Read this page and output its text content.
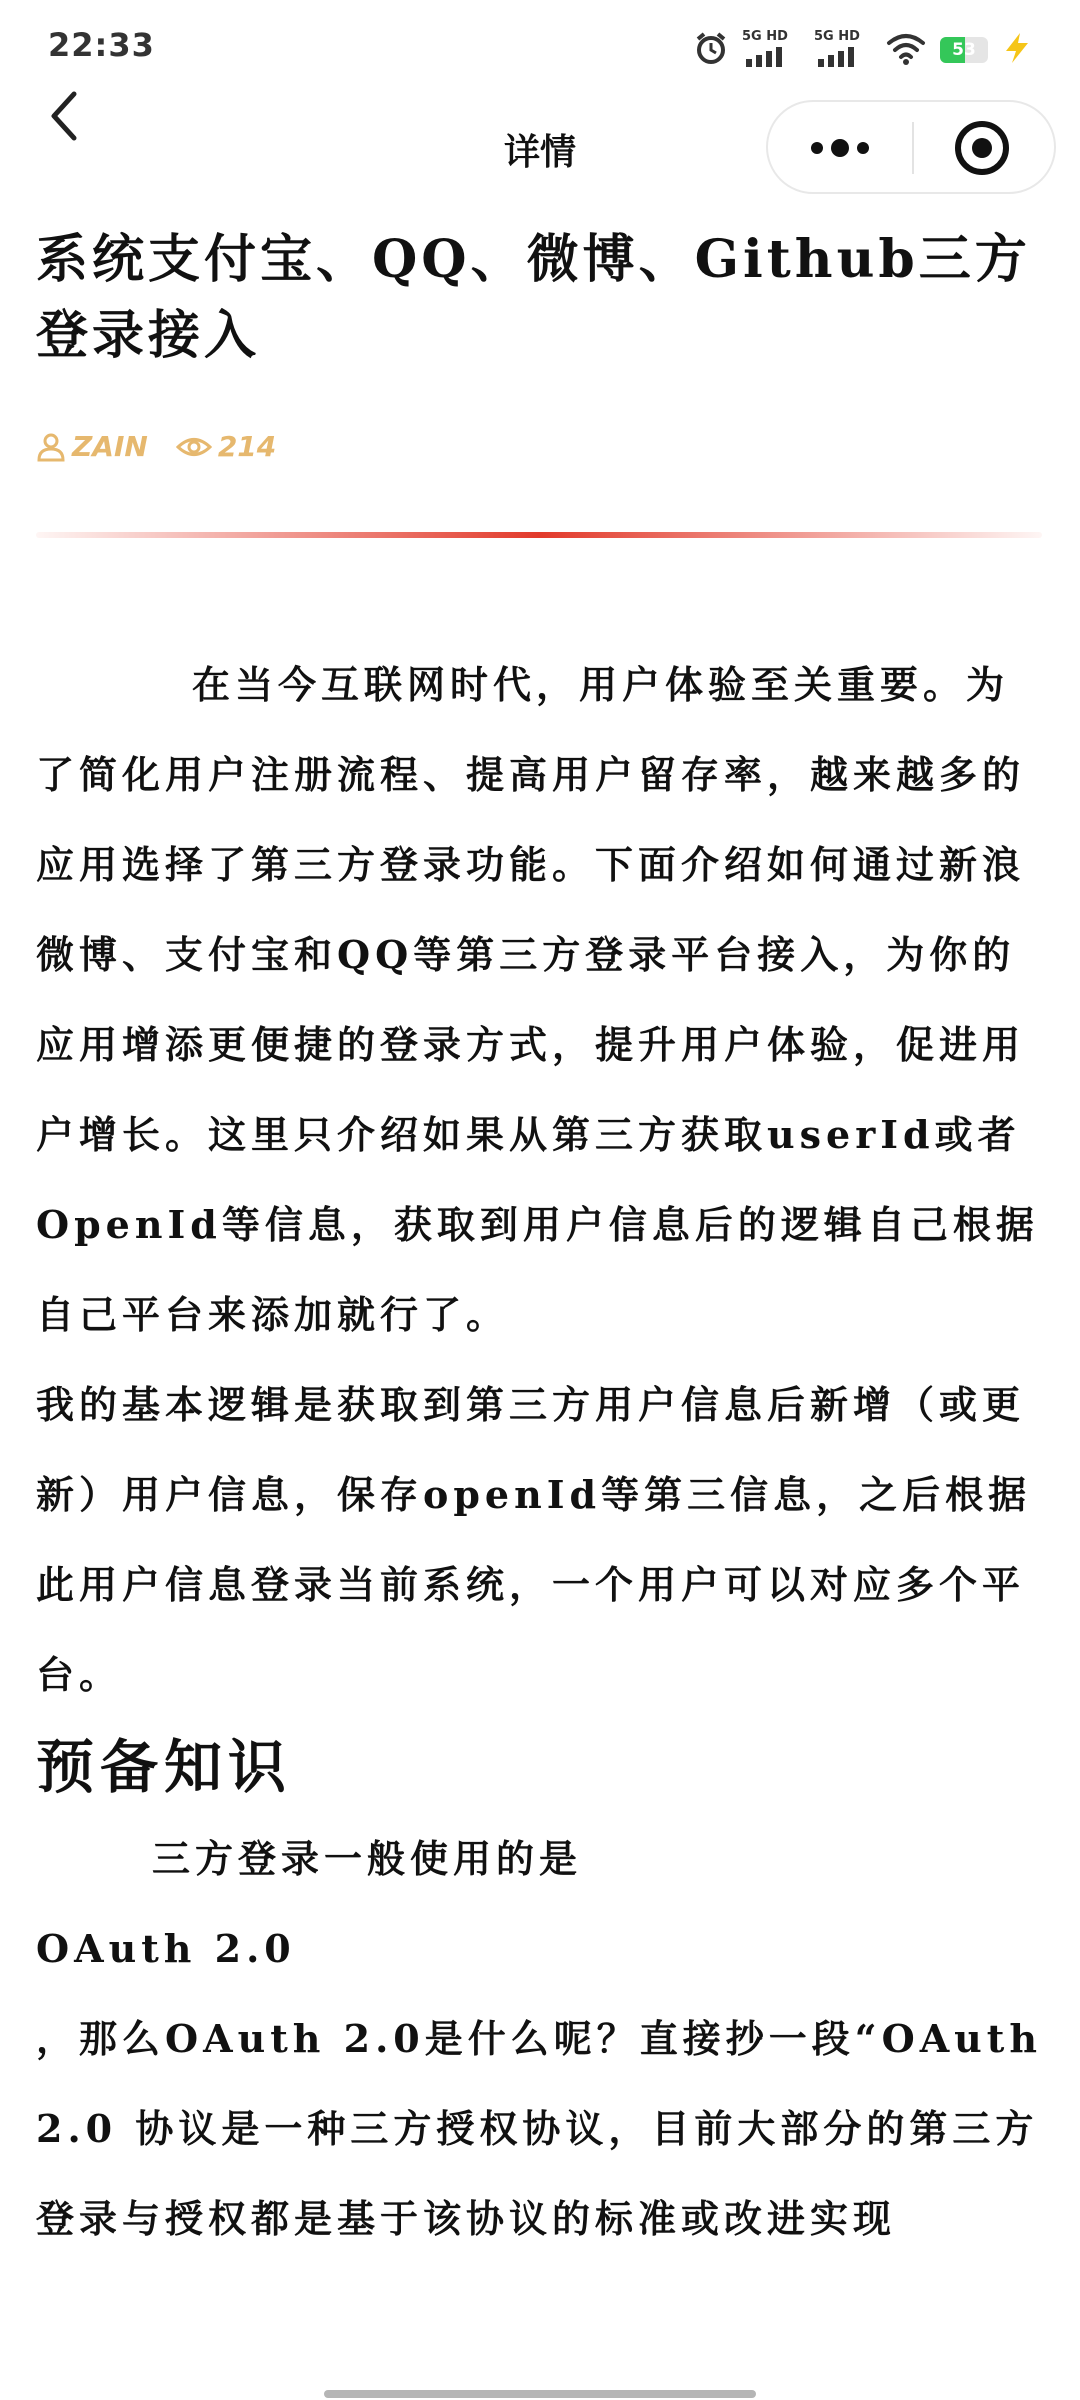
22:33	5G HD 5G HD
53
详情
系统支付宝、QQ、微博、Github三方登录接入
ZAIN	214

在当今互联网时代，用户体验至关重要。为了简化用户注册流程、提高用户留存率，越来越多的应用选择了第三方登录功能。下面介绍如何通过新浪微博、支付宝和QQ等第三方登录平台接入，为你的应用增添更便捷的登录方式，提升用户体验，促进用户增长。这里只介绍如果从第三方获取userId或者OpenId等信息，获取到用户信息后的逻辑自己根据自己平台来添加就行了。

我的基本逻辑是获取到第三方用户信息后新增（或更新）用户信息，保存openId等第三信息，之后根据此用户信息登录当前系统，一个用户可以对应多个平台。

预备知识

三方登录一般使用的是

OAuth 2.0

，那么OAuth 2.0是什么呢？直接抄一段“OAuth 2.0 协议是一种三方授权协议，目前大部分的第三方登录与授权都是基于该协议的标准或改进实现
